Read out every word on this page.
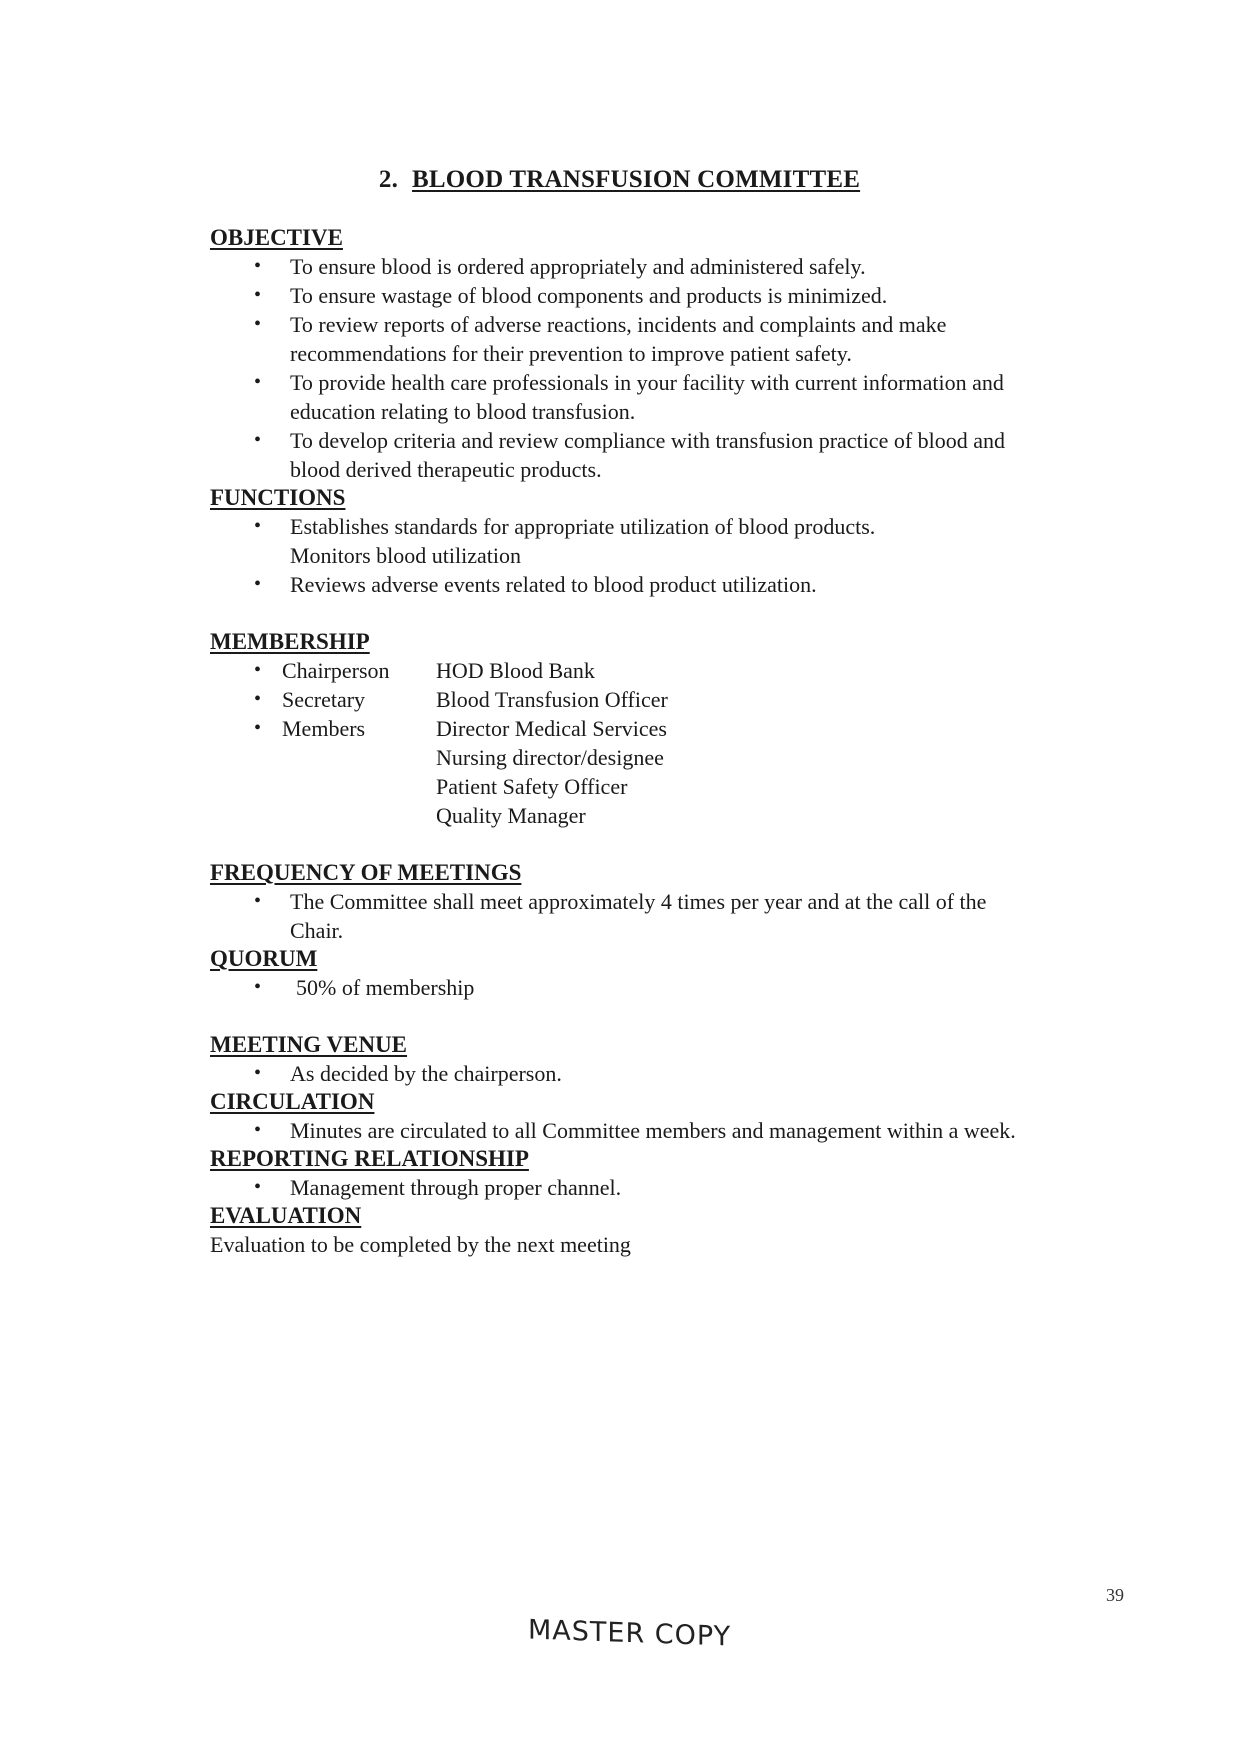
2. BLOOD TRANSFUSION COMMITTEE
OBJECTIVE
• To ensure blood is ordered appropriately and administered safely.
• To ensure wastage of blood components and products is minimized.
• To review reports of adverse reactions, incidents and complaints and make
recommendations for their prevention to improve patient safety.
• To provide health care professionals in your facility with current information and
education relating to blood transfusion.
• To develop criteria and review compliance with transfusion practice of blood and
blood derived therapeutic products.
FUNCTIONS
• Establishes standards for appropriate utilization of blood products.
Monitors blood utilization
• Reviews adverse events related to blood product utilization.
MEMBERSHIP
• Chairperson	HOD Blood Bank
• Secretary	Blood Transfusion Officer
• Members	Director Medical Services
Nursing director/designee
Patient Safety Officer
Quality Manager
FREQUENCY OF MEETINGS
• The Committee shall meet approximately 4 times per year and at the call of the
Chair.
QUORUM
• 50% of membership
MEETING VENUE
• As decided by the chairperson.
CIRCULATION
• Minutes are circulated to all Committee members and management within a week.
REPORTING RELATIONSHIP
• Management through proper channel.
EVALUATION
Evaluation to be completed by the next meeting
39
MASTER COPY
